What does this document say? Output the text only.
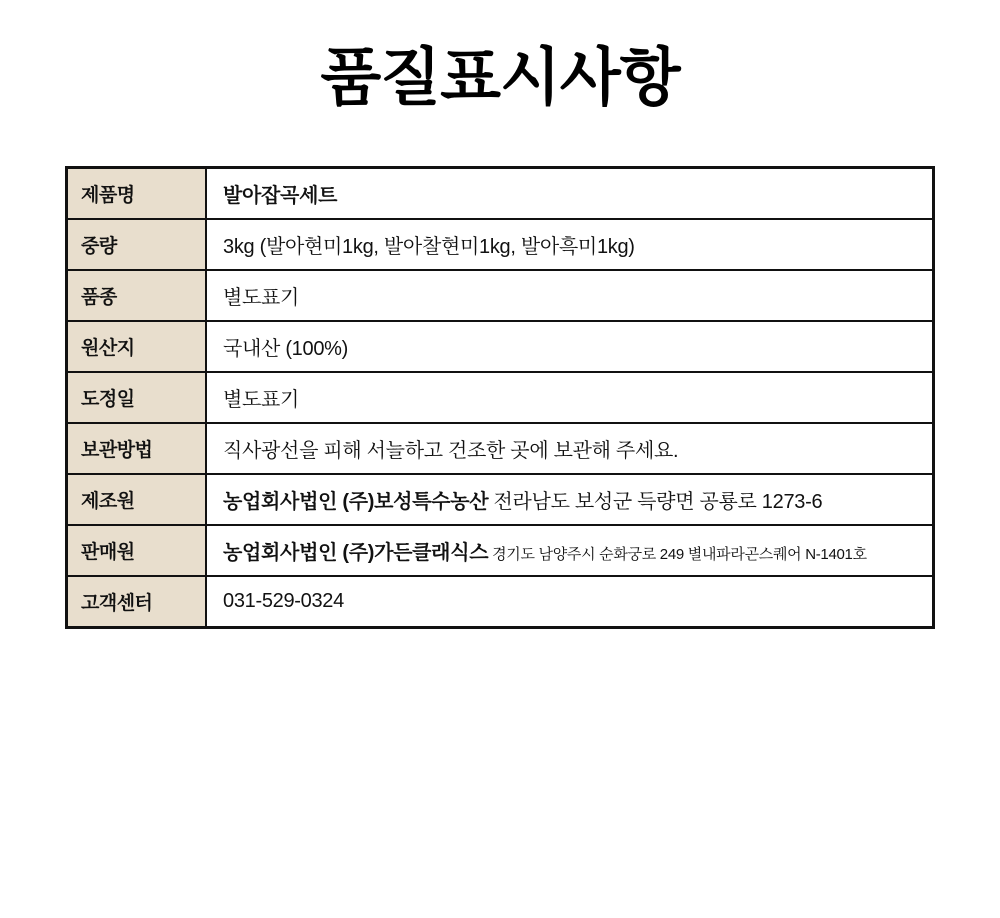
품질표시사항
제품명	발아잡곡세트
중량	3kg (발아현미1kg, 발아찰현미1kg, 발아흑미1kg)
품종	별도표기
원산지	국내산 (100%)
도정일	별도표기
보관방법	직사광선을 피해 서늘하고 건조한 곳에 보관해 주세요.
제조원	농업회사법인 (주)보성특수농산 전라남도 보성군 득량면 공룡로 1273-6
판매원	농업회사법인 (주)가든클래식스 경기도 남양주시 순화궁로 249 별내파라곤스퀘어 N-1401호
고객센터	031-529-0324
